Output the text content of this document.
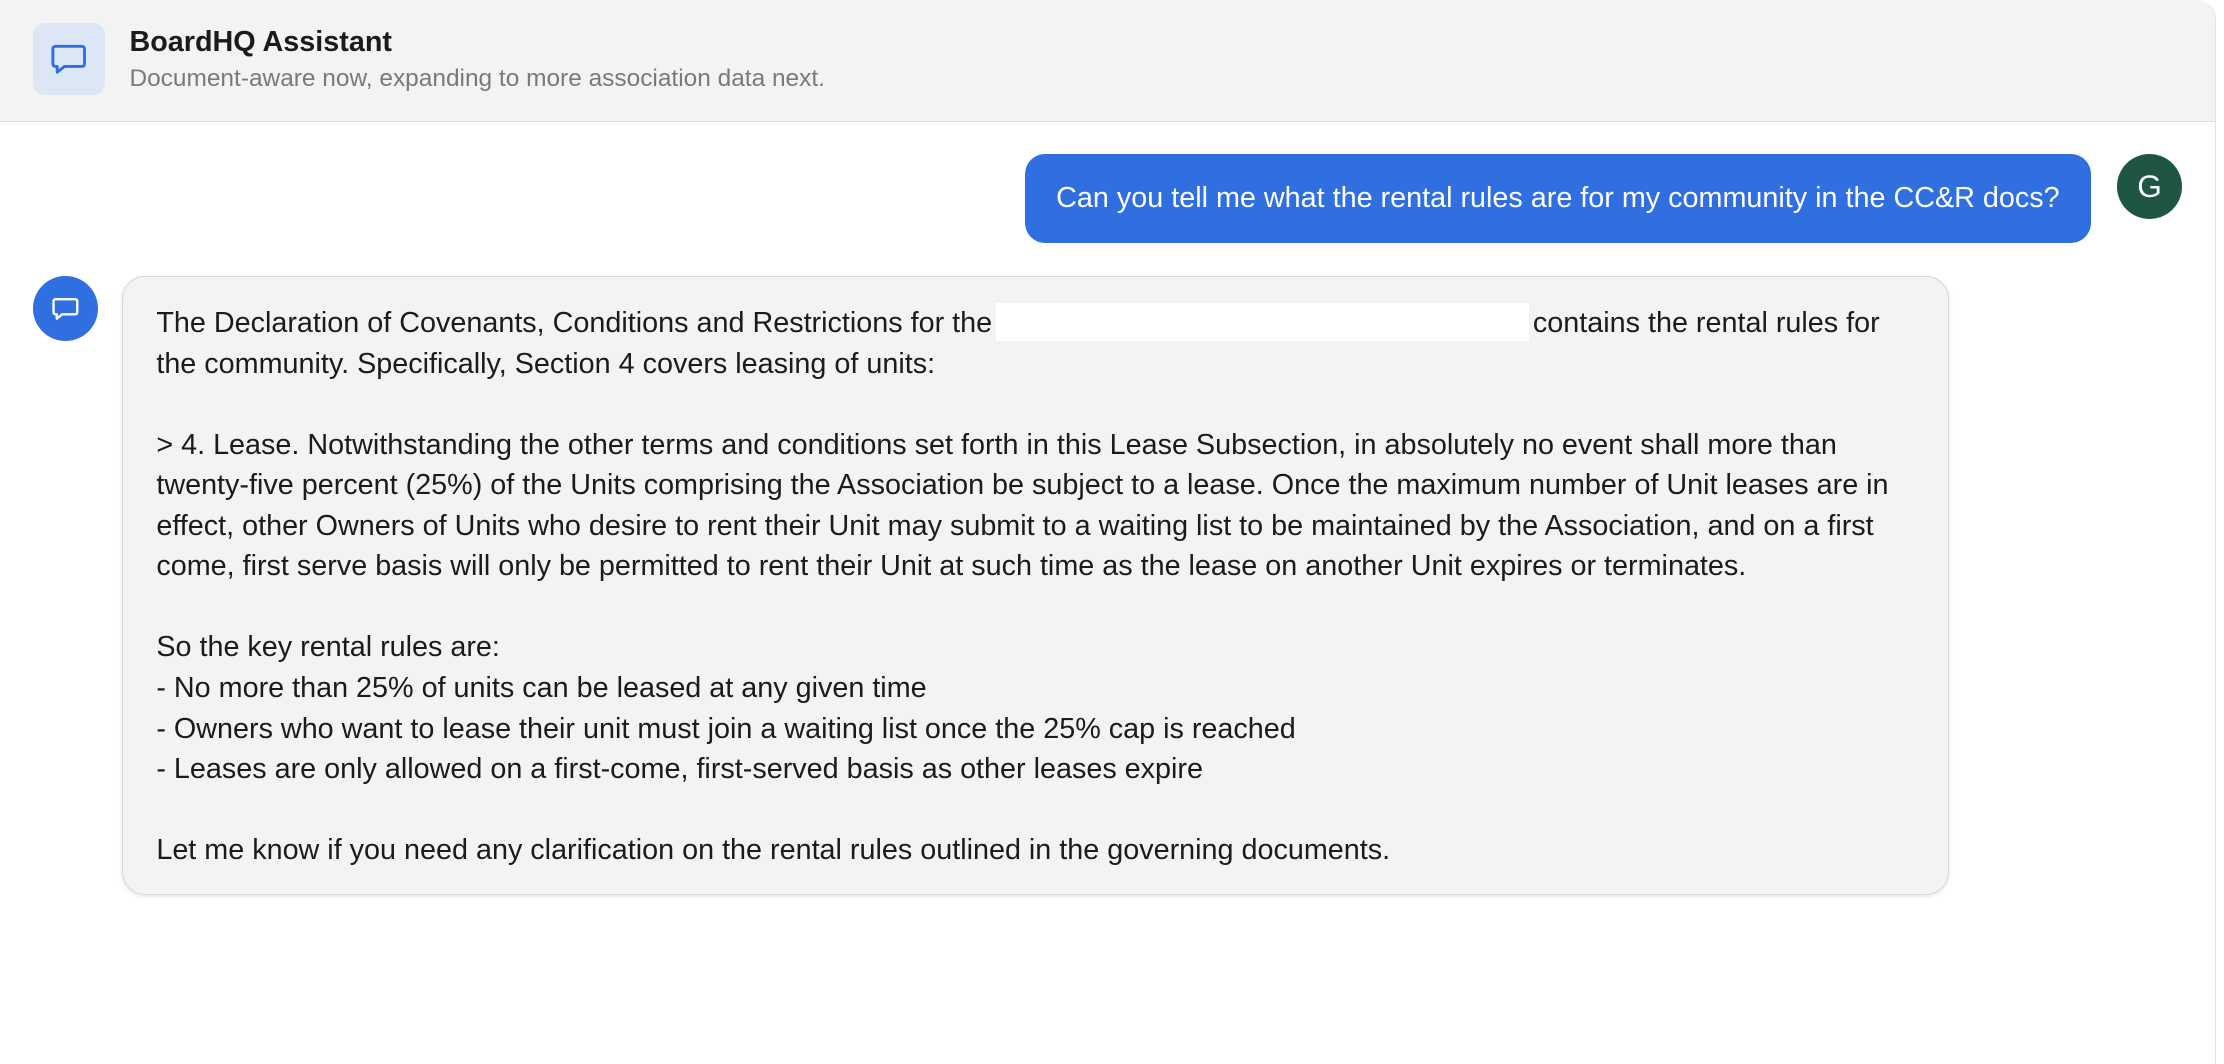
BoardHQ Assistant
Document-aware now, expanding to more association data next.
Can you tell me what the rental rules are for my community in the CC&R docs?	G

The Declaration of Covenants, Conditions and Restrictions for the	contains the rental rules for the community. Specifically, Section 4 covers leasing of units:

> 4. Lease. Notwithstanding the other terms and conditions set forth in this Lease Subsection, in absolutely no event shall more than twenty-five percent (25%) of the Units comprising the Association be subject to a lease. Once the maximum number of Unit leases are in effect, other Owners of Units who desire to rent their Unit may submit to a waiting list to be maintained by the Association, and on a first come, first serve basis will only be permitted to rent their Unit at such time as the lease on another Unit expires or terminates.

So the key rental rules are:

- No more than 25% of units can be leased at any given time

- Owners who want to lease their unit must join a waiting list once the 25% cap is reached

- Leases are only allowed on a first-come, first-served basis as other leases expire

Let me know if you need any clarification on the rental rules outlined in the governing documents.
